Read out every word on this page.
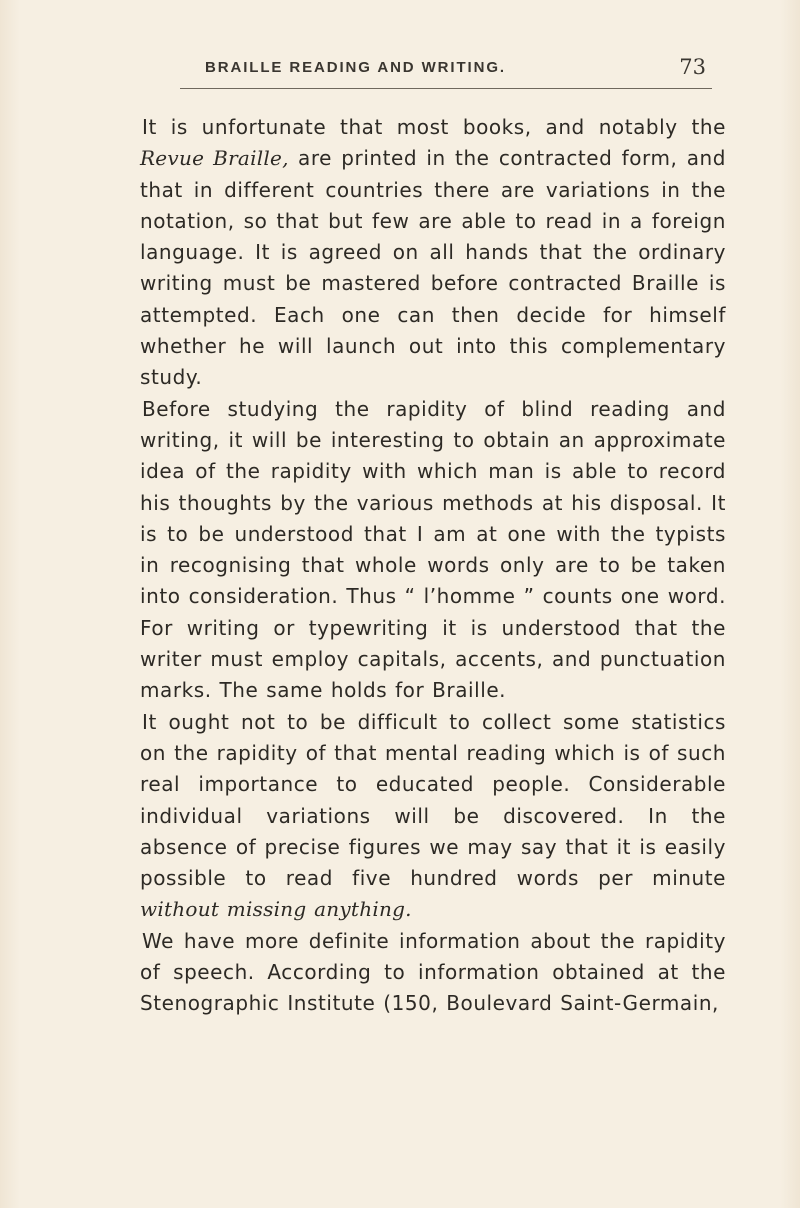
BRAILLE READING AND WRITING.	73

It is unfortunate that most books, and notably the Revue Braille, are printed in the contracted form, and that in different countries there are variations in the notation, so that but few are able to read in a foreign language. It is agreed on all hands that the ordinary writing must be mastered before contracted Braille is attempted. Each one can then decide for himself whether he will launch out into this complementary study.

Before studying the rapidity of blind reading and writing, it will be interesting to obtain an approximate idea of the rapidity with which man is able to record his thoughts by the various methods at his disposal. It is to be understood that I am at one with the typists in recognising that whole words only are to be taken into consideration. Thus “ l’homme ” counts one word. For writing or typewriting it is understood that the writer must employ capitals, accents, and punctuation marks. The same holds for Braille.

It ought not to be difficult to collect some statistics on the rapidity of that mental reading which is of such real importance to educated people. Considerable individual variations will be discovered. In the absence of precise figures we may say that it is easily possible to read five hundred words per minute without missing anything.

We have more definite information about the rapidity of speech. According to information obtained at the Stenographic Institute (150, Boulevard Saint-Germain,
